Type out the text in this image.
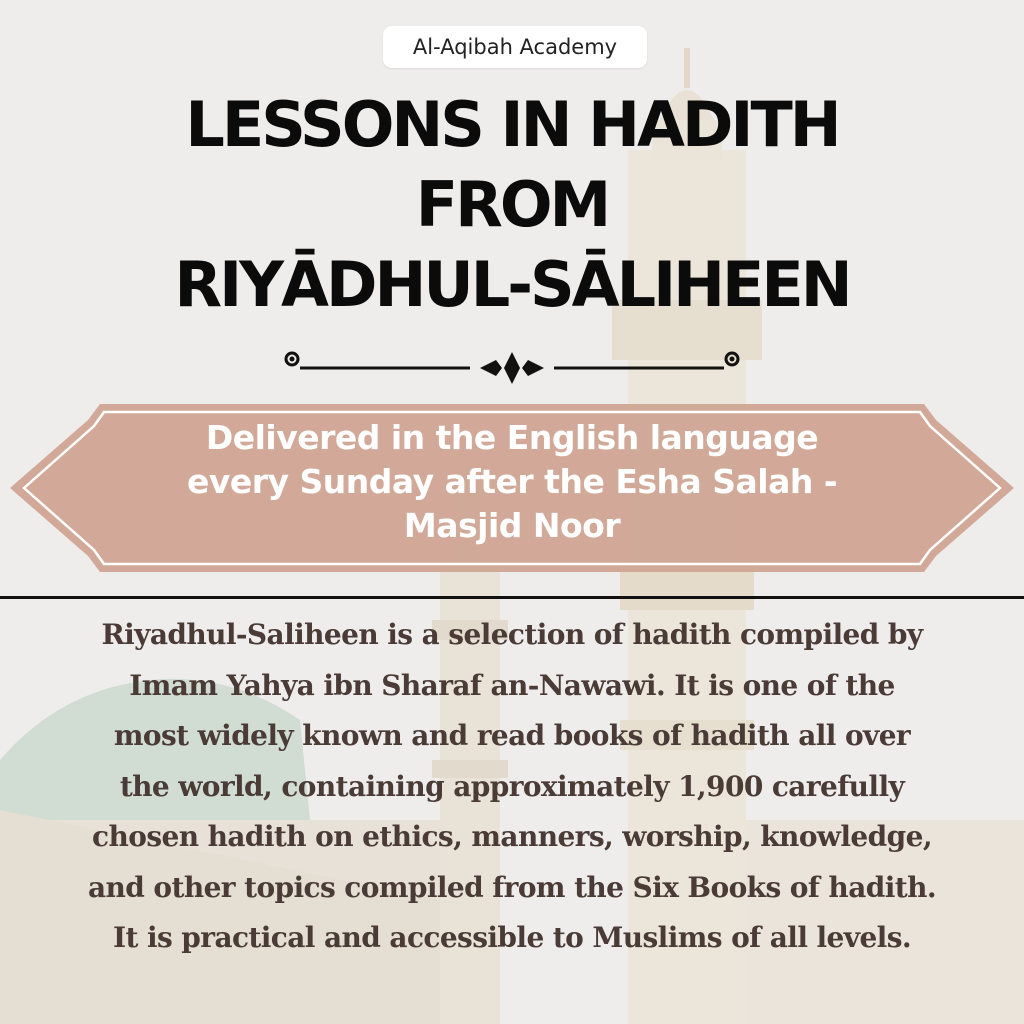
Al-Aqibah Academy
LESSONS IN HADITH
FROM
RIYĀDHUL-SĀLIHEEN
Delivered in the English language
every Sunday after the Esha Salah -
Masjid Noor
Riyadhul-Saliheen is a selection of hadith compiled by
Imam Yahya ibn Sharaf an-Nawawi. It is one of the
most widely known and read books of hadith all over
the world, containing approximately 1,900 carefully
chosen hadith on ethics, manners, worship, knowledge,
and other topics compiled from the Six Books of hadith.
It is practical and accessible to Muslims of all levels.
